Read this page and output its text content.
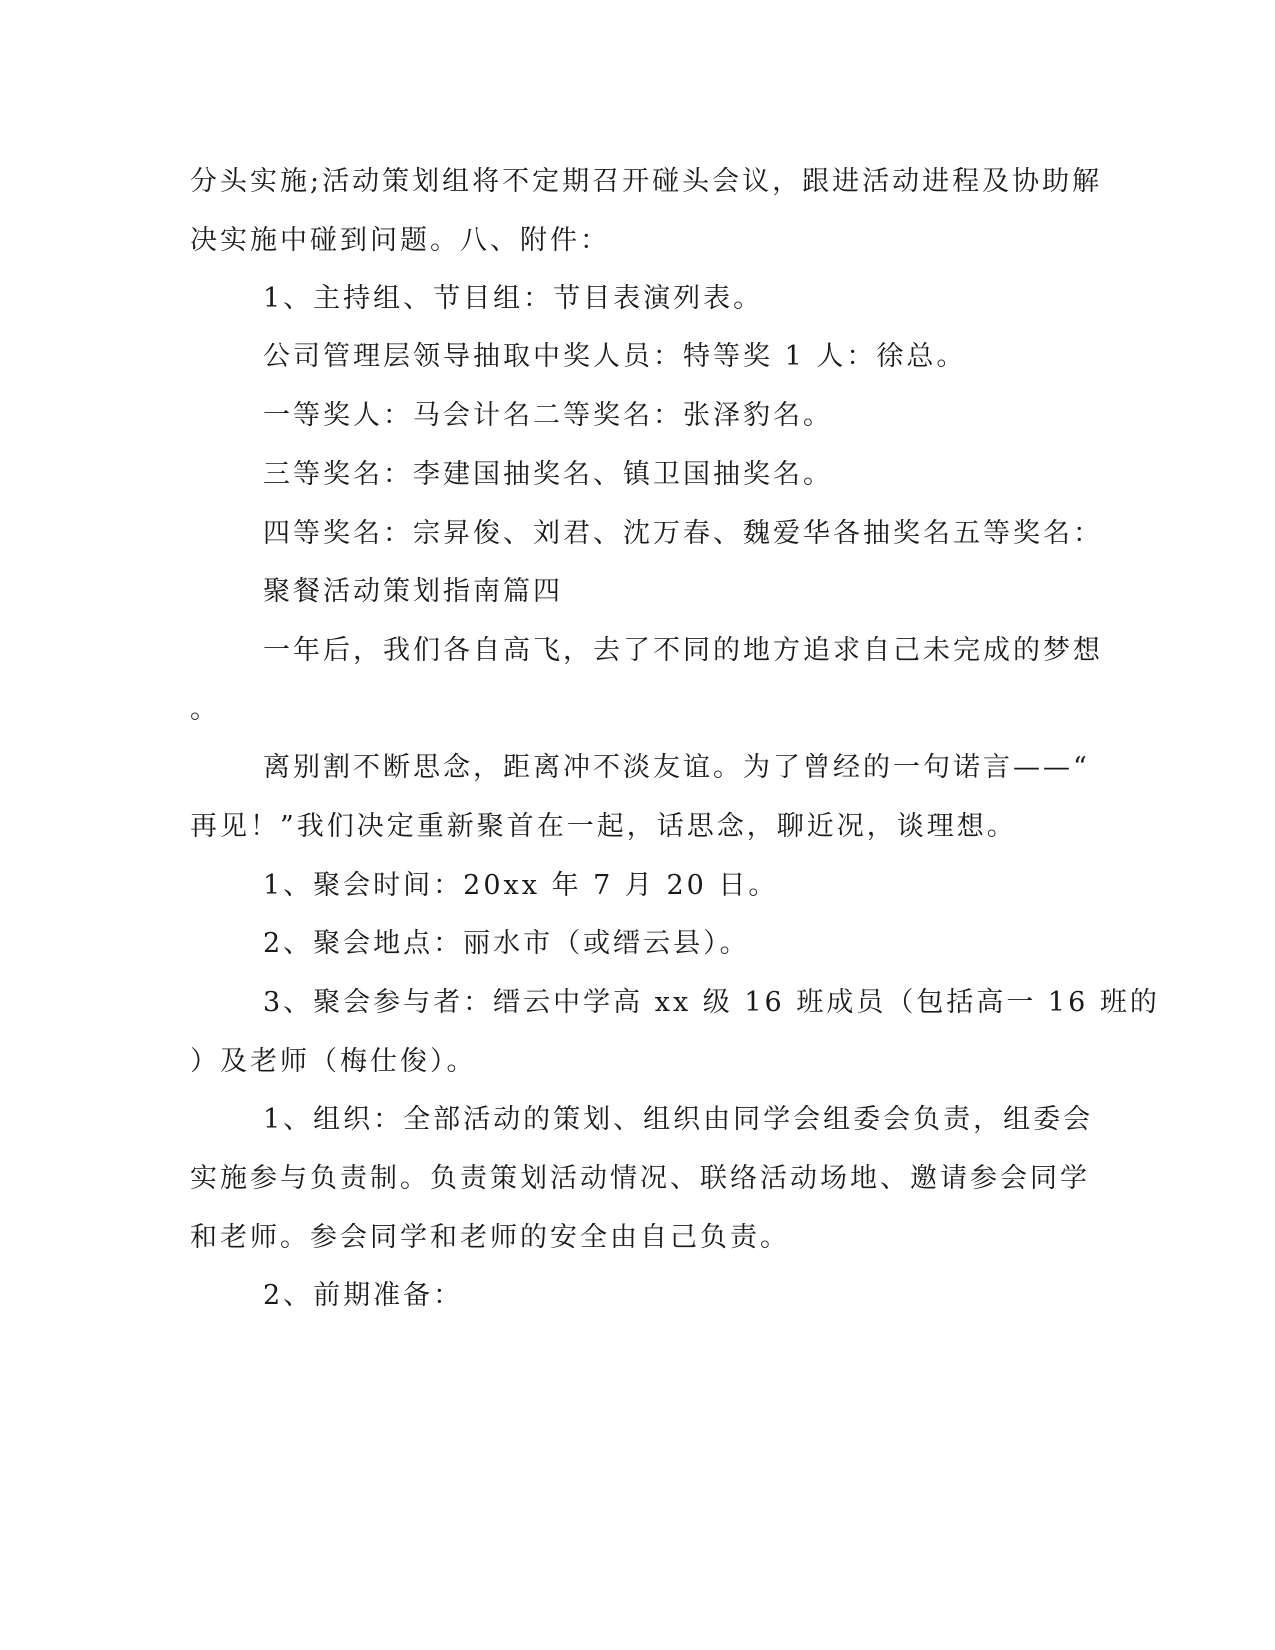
分头实施;活动策划组将不定期召开碰头会议，跟进活动进程及协助解
决实施中碰到问题。八、附件：
1、主持组、节目组：节目表演列表。
公司管理层领导抽取中奖人员：特等奖 1 人：徐总。
一等奖人：马会计名二等奖名：张泽豹名。
三等奖名：李建国抽奖名、镇卫国抽奖名。
四等奖名：宗昇俊、刘君、沈万春、魏爱华各抽奖名五等奖名：
聚餐活动策划指南篇四
一年后，我们各自高飞，去了不同的地方追求自己未完成的梦想
。
离别割不断思念，距离冲不淡友谊。为了曾经的一句诺言——“
再见！”我们决定重新聚首在一起，话思念，聊近况，谈理想。
1、聚会时间：20xx 年 7 月 20 日。
2、聚会地点：丽水市（或缙云县）。
3、聚会参与者：缙云中学高 xx 级 16 班成员（包括高一 16 班的
）及老师（梅仕俊）。
1、组织：全部活动的策划、组织由同学会组委会负责，组委会
实施参与负责制。负责策划活动情况、联络活动场地、邀请参会同学
和老师。参会同学和老师的安全由自己负责。
2、前期准备：
